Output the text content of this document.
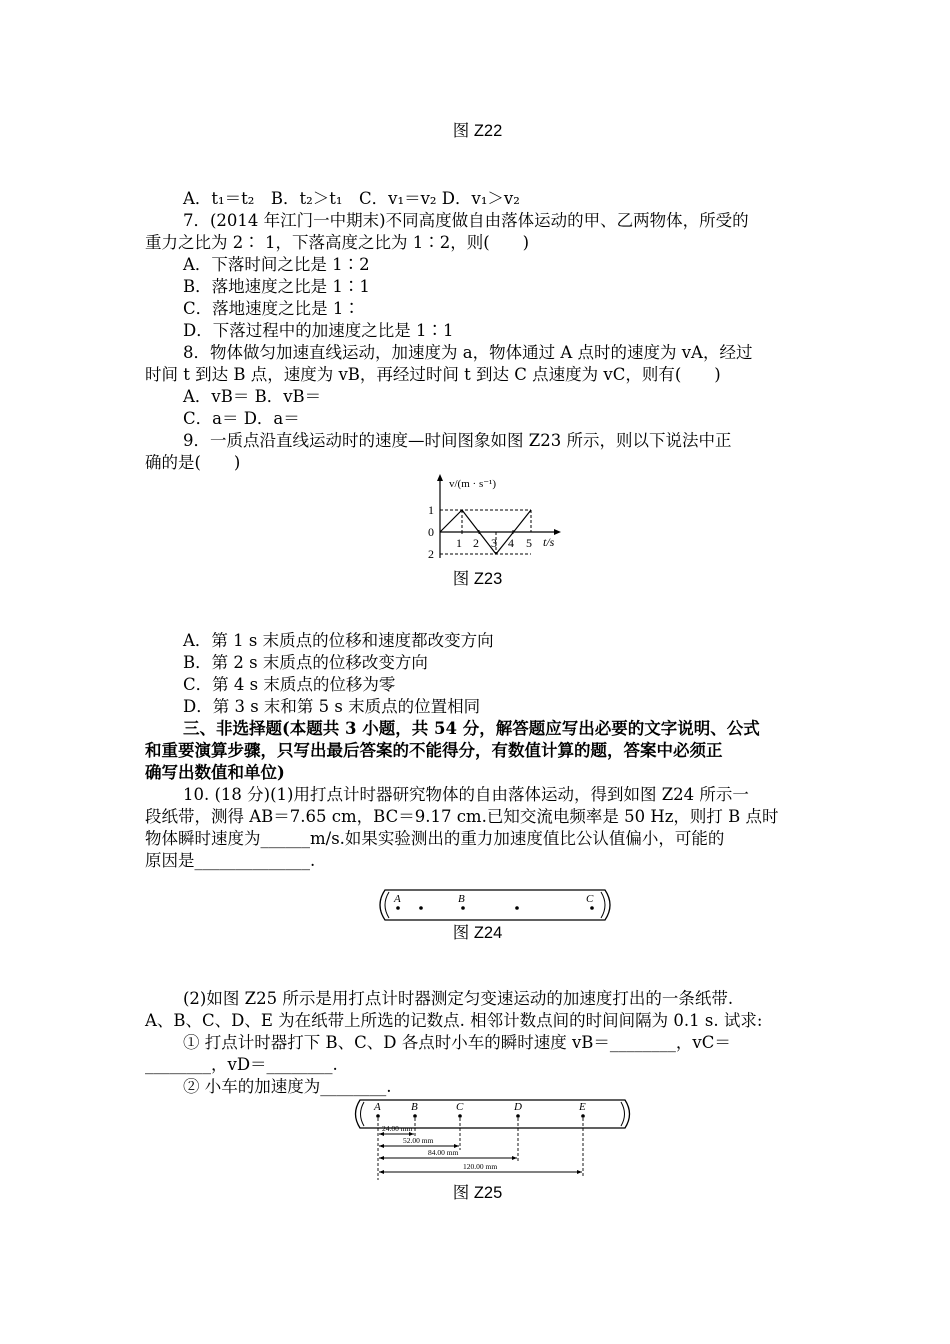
图 Z22

A．t₁＝t₂　B．t₂＞t₁　C．v₁＝v₂ D．v₁＞v₂

7．(2014 年江门一中期末)不同高度做自由落体运动的甲、乙两物体，所受的

重力之比为 2∶ 1，下落高度之比为 1∶2，则(　　)

A．下落时间之比是 1∶2

B．落地速度之比是 1∶1

C．落地速度之比是 1∶

D．下落过程中的加速度之比是 1∶1

8．物体做匀加速直线运动，加速度为 a，物体通过 A 点时的速度为 vA，经过

时间 t 到达 B 点，速度为 vB，再经过时间 t 到达 C 点速度为 vC，则有(　　)

A．vB＝ B．vB＝

C．a＝ D．a＝

9．一质点沿直线运动时的速度—时间图象如图 Z23 所示，则以下说法中正

确的是(　　)

v/(m · s⁻¹)
t/s
1
0
2
1 2 3 4 5
图 Z23

A．第 1 s 末质点的位移和速度都改变方向

B．第 2 s 末质点的位移改变方向

C．第 4 s 末质点的位移为零

D．第 3 s 末和第 5 s 末质点的位置相同

三、非选择题(本题共 3 小题，共 54 分，解答题应写出必要的文字说明、公式

和重要演算步骤，只写出最后答案的不能得分，有数值计算的题，答案中必须正

确写出数值和单位)

10. (18 分)(1)用打点计时器研究物体的自由落体运动，得到如图 Z24 所示一

段纸带，测得 AB＝7.65 cm，BC＝9.17 cm.已知交流电频率是 50 Hz，则打 B 点时

物体瞬时速度为______m/s.如果实验测出的重力加速度值比公认值偏小，可能的

原因是______________.

A	B	C
图 Z24

(2)如图 Z25 所示是用打点计时器测定匀变速运动的加速度打出的一条纸带.

A、B、C、D、E 为在纸带上所选的记数点. 相邻计数点间的时间间隔为 0.1 s. 试求:

① 打点计时器打下 B、C、D 各点时小车的瞬时速度 vB＝________，vC＝

________，vD＝________.

② 小车的加速度为________.

A	B	C	D	E
24.00 mm
52.00 mm
84.00 mm
120.00 mm
图 Z25
